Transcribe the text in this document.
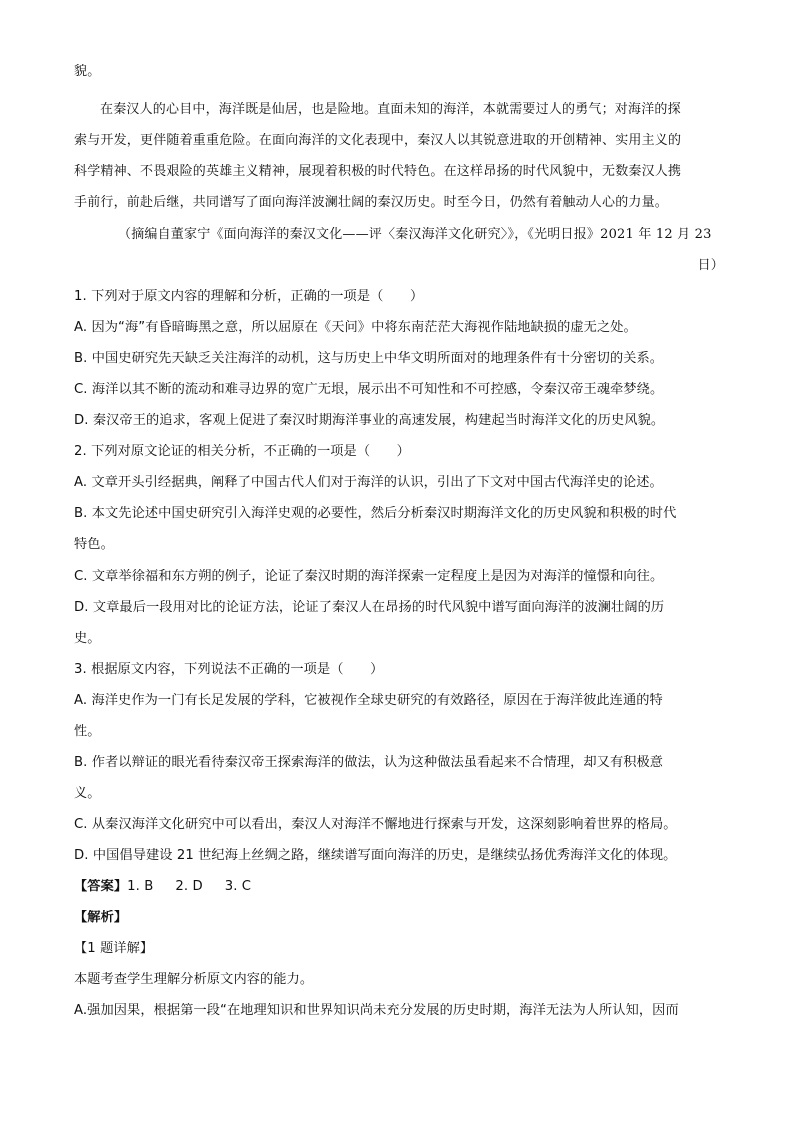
貌。
在秦汉人的心目中，海洋既是仙居，也是险地。直面未知的海洋，本就需要过人的勇气；对海洋的探
索与开发，更伴随着重重危险。在面向海洋的文化表现中，秦汉人以其锐意进取的开创精神、实用主义的
科学精神、不畏艰险的英雄主义精神，展现着积极的时代特色。在这样昂扬的时代风貌中，无数秦汉人携
手前行，前赴后继，共同谱写了面向海洋波澜壮阔的秦汉历史。时至今日，仍然有着触动人心的力量。
（摘编自董家宁《面向海洋的秦汉文化——评〈秦汉海洋文化研究〉》，《光明日报》2021 年 12 月 23
日）
1. 下列对于原文内容的理解和分析，正确的一项是（　　）
A. 因为“海”有昏暗晦黑之意，所以屈原在《天问》中将东南茫茫大海视作陆地缺损的虚无之处。
B. 中国史研究先天缺乏关注海洋的动机，这与历史上中华文明所面对的地理条件有十分密切的关系。
C. 海洋以其不断的流动和难寻边界的宽广无垠，展示出不可知性和不可控感，令秦汉帝王魂牵梦绕。
D. 秦汉帝王的追求，客观上促进了秦汉时期海洋事业的高速发展，构建起当时海洋文化的历史风貌。
2. 下列对原文论证的相关分析，不正确的一项是（　　）
A. 文章开头引经据典，阐释了中国古代人们对于海洋的认识，引出了下文对中国古代海洋史的论述。
B. 本文先论述中国史研究引入海洋史观的必要性，然后分析秦汉时期海洋文化的历史风貌和积极的时代
特色。
C. 文章举徐福和东方朔的例子，论证了秦汉时期的海洋探索一定程度上是因为对海洋的憧憬和向往。
D. 文章最后一段用对比的论证方法，论证了秦汉人在昂扬的时代风貌中谱写面向海洋的波澜壮阔的历
史。
3. 根据原文内容，下列说法不正确的一项是（　　）
A. 海洋史作为一门有长足发展的学科，它被视作全球史研究的有效路径，原因在于海洋彼此连通的特
性。
B. 作者以辩证的眼光看待秦汉帝王探索海洋的做法，认为这种做法虽看起来不合情理，却又有积极意
义。
C. 从秦汉海洋文化研究中可以看出，秦汉人对海洋不懈地进行探索与开发，这深刻影响着世界的格局。
D. 中国倡导建设 21 世纪海上丝绸之路，继续谱写面向海洋的历史，是继续弘扬优秀海洋文化的体现。
【答案】1. B 2. D 3. C
【解析】
【1 题详解】
本题考查学生理解分析原文内容的能力。
A.强加因果，根据第一段“在地理知识和世界知识尚未充分发展的历史时期，海洋无法为人所认知，因而
